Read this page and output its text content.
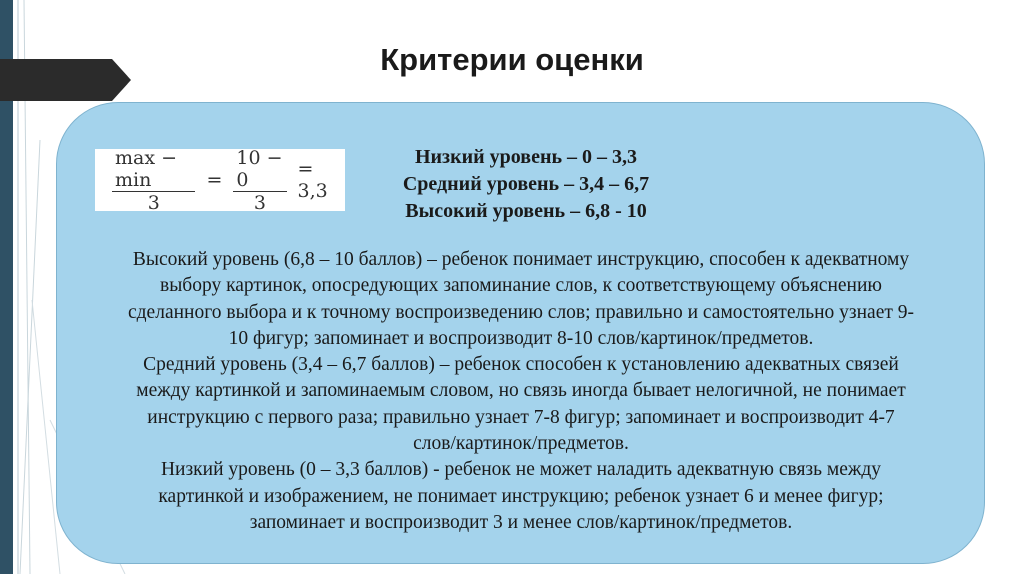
Критерии оценки
$\frac{\max - \min}{3} = \frac{10 - 0}{3} = 3,3$
Низкий уровень – 0 – 3,3
Средний уровень – 3,4 – 6,7
Высокий уровень – 6,8 - 10
Высокий уровень (6,8 – 10 баллов) – ребенок понимает инструкцию, способен к адекватному
выбору картинок, опосредующих запоминание слов, к соответствующему объяснению
сделанного выбора и к точному воспроизведению слов; правильно и самостоятельно узнает 9-
10 фигур; запоминает и воспроизводит 8-10 слов/картинок/предметов.
Средний уровень (3,4 – 6,7 баллов) – ребенок способен к установлению адекватных связей
между картинкой и запоминаемым словом, но связь иногда бывает нелогичной, не понимает
инструкцию с первого раза; правильно узнает 7-8 фигур; запоминает и воспроизводит 4-7
слов/картинок/предметов.
Низкий уровень (0 – 3,3 баллов) - ребенок не может наладить адекватную связь между
картинкой и изображением, не понимает инструкцию; ребенок узнает 6 и менее фигур;
запоминает и воспроизводит 3 и менее слов/картинок/предметов.
